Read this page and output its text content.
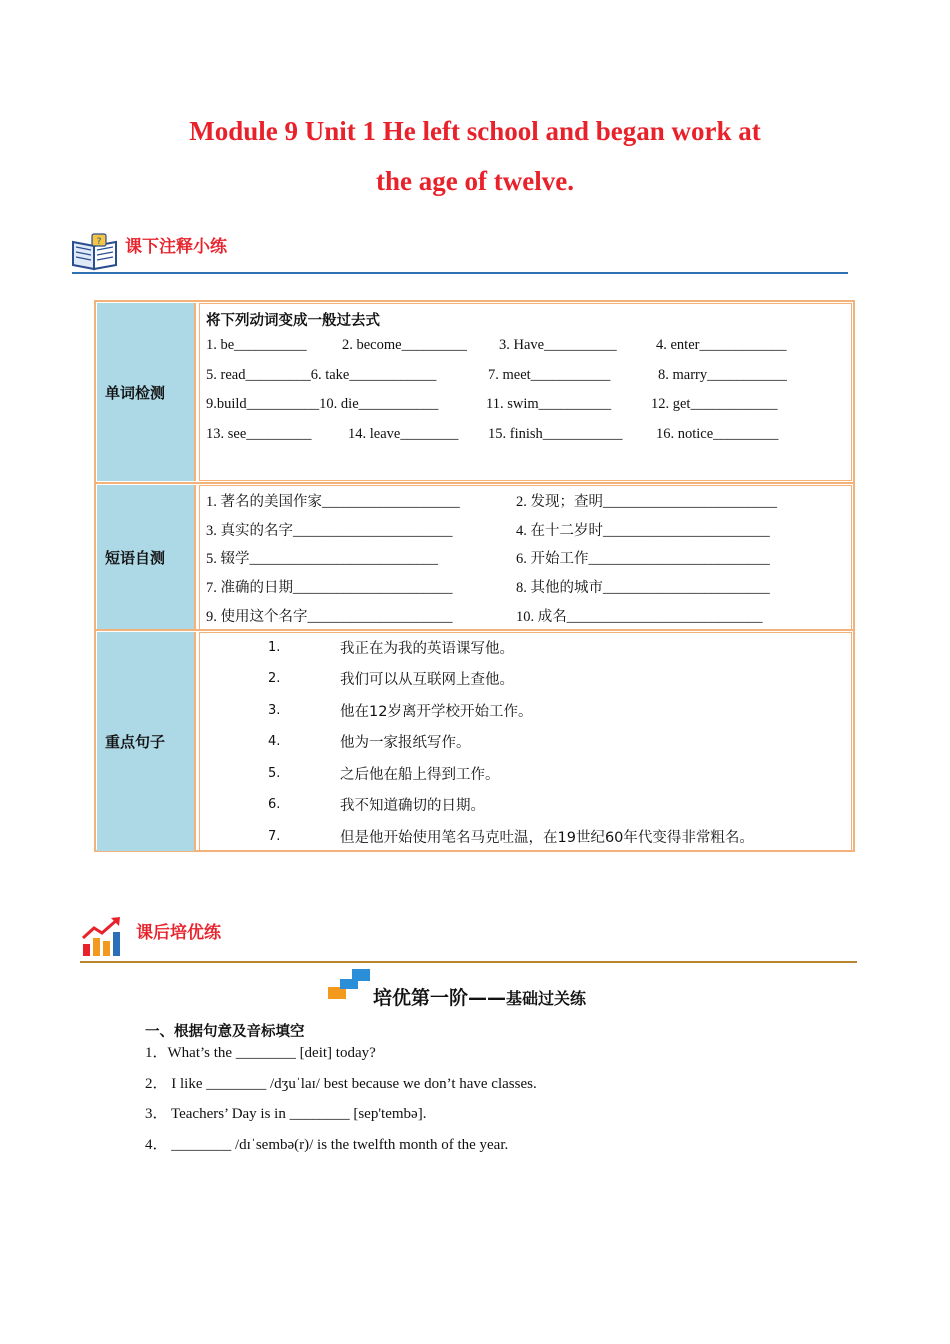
Module 9 Unit 1 He left school and began work at
the age of twelve.
? 课下注释小练
单词检测
将下列动词变成一般过去式
1. be__________ 2. become_________ 3. Have__________	4. enter____________
5. read_________6. take____________	7. meet___________	8. marry___________
9.build__________10. die___________	11. swim__________	12. get____________
13. see_________	14. leave________ 15. finish___________ 16. notice_________
短语自测
1. 著名的美国作家___________________	2. 发现；查明________________________
3. 真实的名字______________________	4. 在十二岁时_______________________
5. 辍学__________________________	6. 开始工作_________________________
7. 准确的日期______________________	8. 其他的城市_______________________
9. 使用这个名字____________________	10. 成名___________________________
重点句子
1.	我正在为我的英语课写他。
2.	我们可以从互联网上查他。
3.	他在12岁离开学校开始工作。
4.	他为一家报纸写作。
5.	之后他在船上得到工作。
6.	我不知道确切的日期。
7.	但是他开始使用笔名马克吐温，在19世纪60年代变得非常粗名。
课后培优练
培优第一阶——基础过关练
一、根据句意及音标填空
1．What’s the ________ [deit] today?
2． I like ________ /dʒuˈlaɪ/ best because we don’t have classes.
3． Teachers’ Day is in ________ [sep'tembə].
4． ________ /dɪˈsembə(r)/ is the twelfth month of the year.
